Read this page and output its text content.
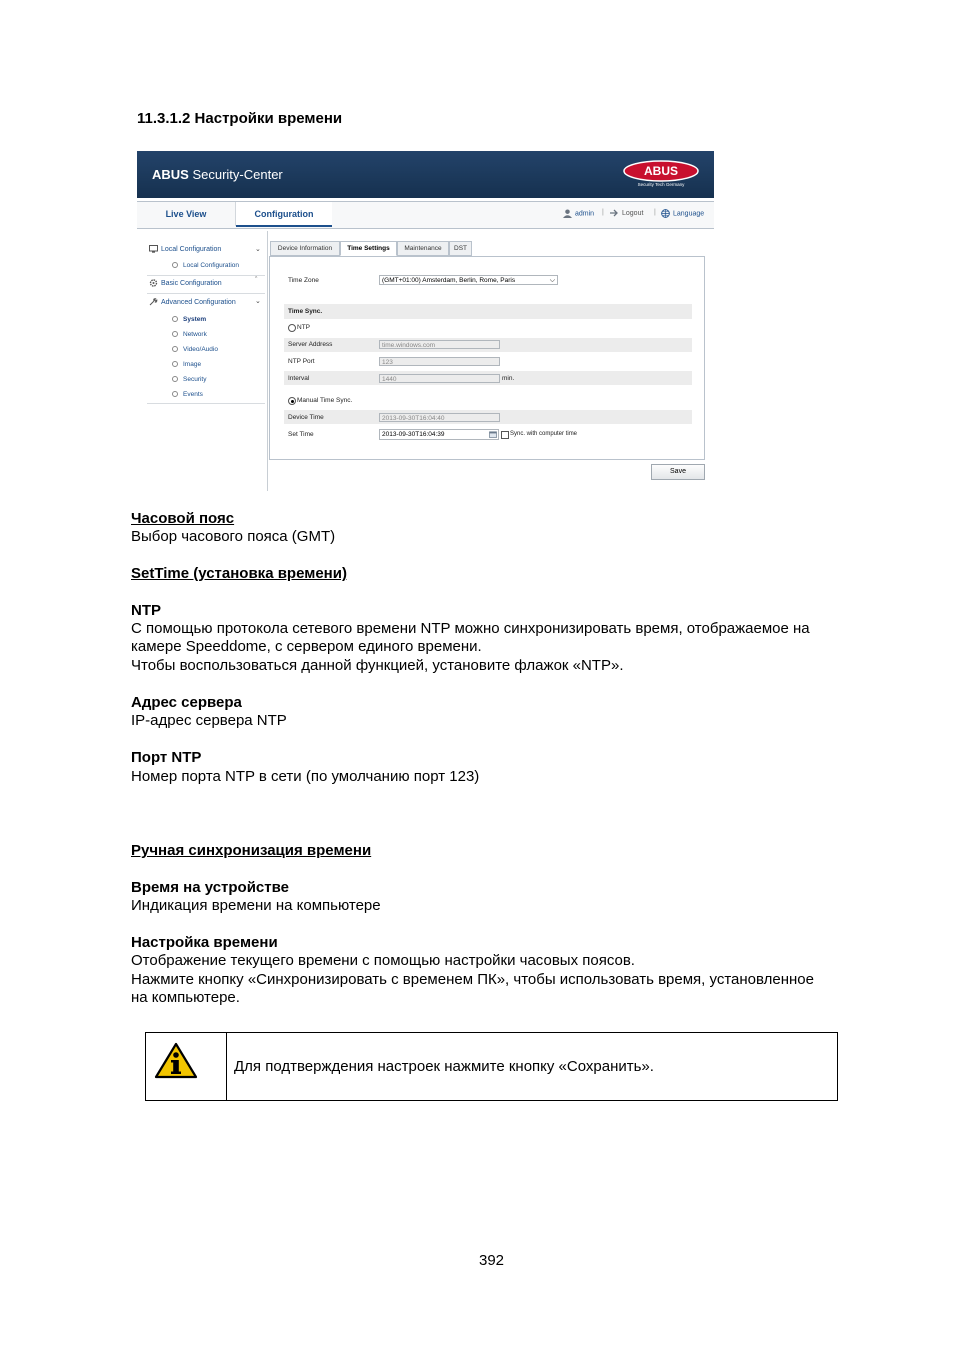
11.3.1.2 Настройки времени
ABUS Security-Center	ABUS
Security Tech Germany
Live View	Configuration	admin |	Logout |	Language
Local Configuration	⌄
Local Configuration
Basic Configuration	ˆ
Advanced Configuration	⌄
System
Network
Video/Audio
Image
Security
Events
Device Information	Time Settings	Maintenance	DST
Time Zone	(GMT+01:00) Amsterdam, Berlin, Rome, Paris	⌵
Time Sync.
NTP
Server Address	time.windows.com
NTP Port	123
Interval	1440	min.
Manual Time Sync.
Device Time	2013-09-30T16:04:40
Set Time	2013-09-30T16:04:39	Sync. with computer time
Save
Часовой пояс
Выбор часового пояса (GMT)
SetTime (установка времени)
NTP
С помощью протокола сетевого времени NTP можно синхронизировать время, отображаемое на
камере Speeddome, с сервером единого времени.
Чтобы воспользоваться данной функцией, установите флажок «NTP».
Адрес сервера
IP-адрес сервера NTP
Порт NTP
Номер порта NTP в сети (по умолчанию порт 123)
Ручная синхронизация времени
Время на устройстве
Индикация времени на компьютере
Настройка времени
Отображение текущего времени с помощью настройки часовых поясов.
Нажмите кнопку «Синхронизировать с временем ПК», чтобы использовать время, установленное
на компьютере.
Для подтверждения настроек нажмите кнопку «Сохранить».
392
